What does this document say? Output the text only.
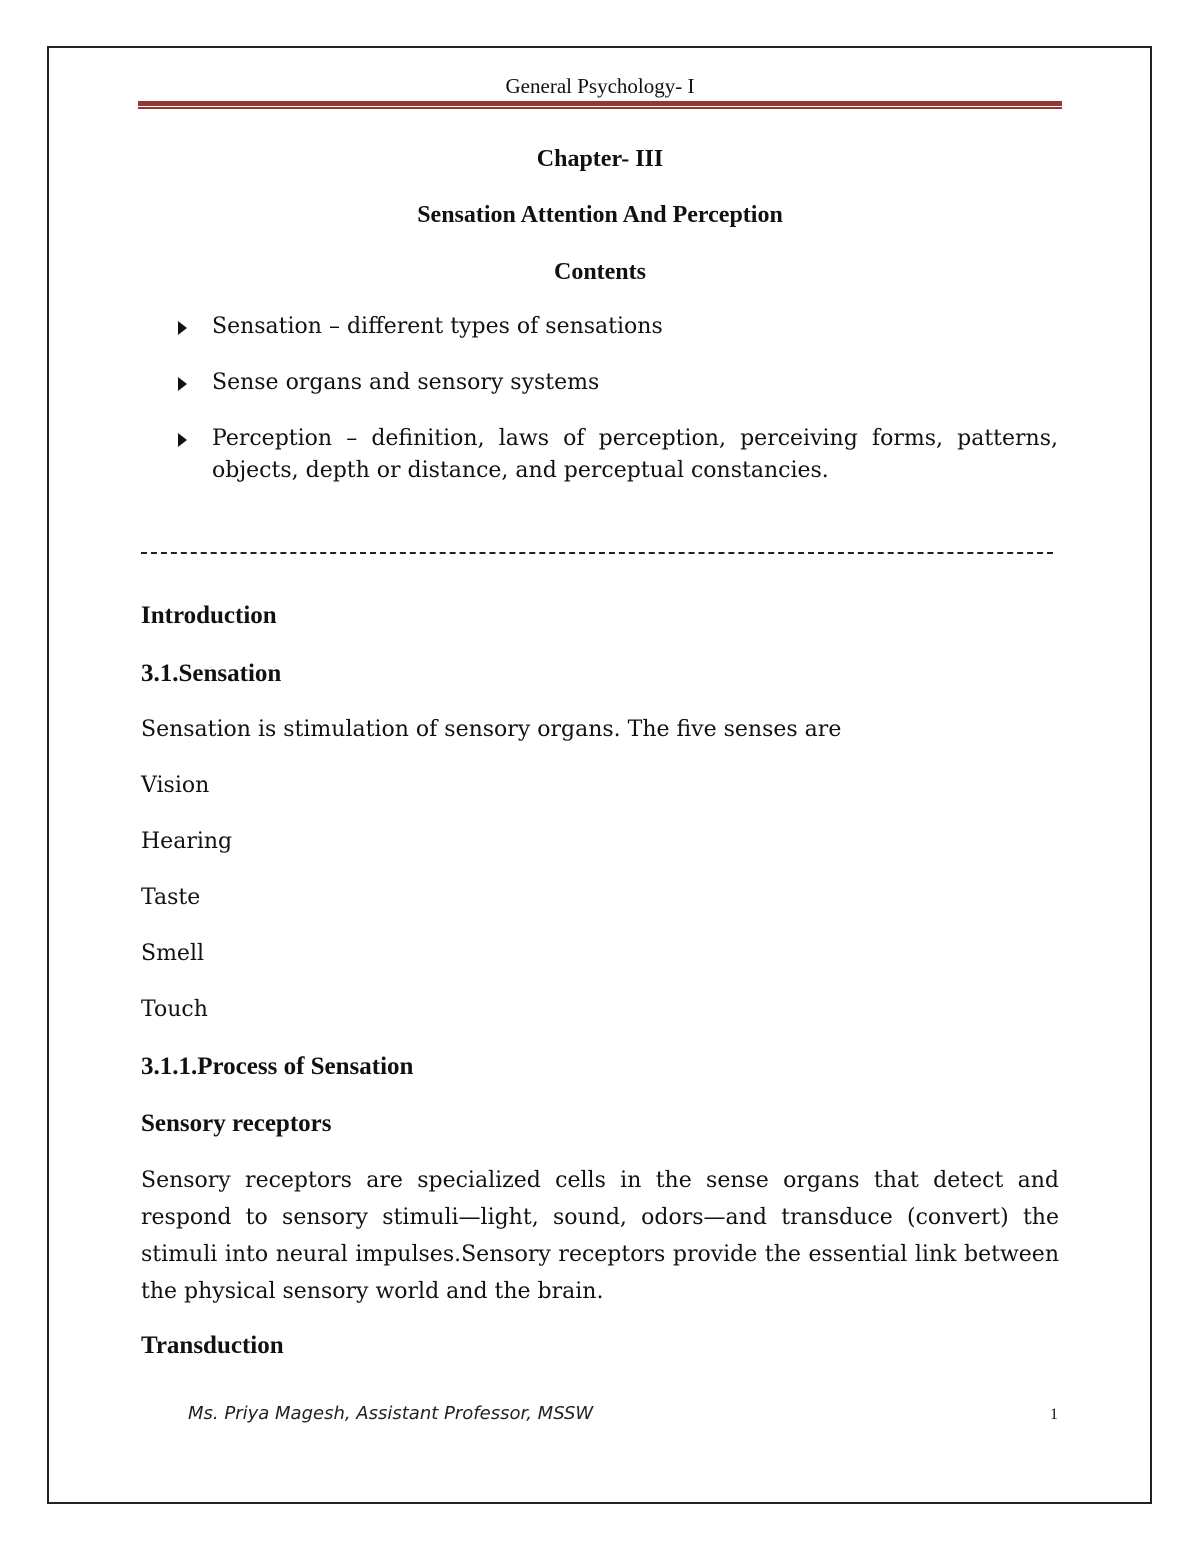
General Psychology- I
Chapter- III
Sensation Attention And Perception
Contents
Sensation – different types of sensations
Sense organs and sensory systems
Perception – definition, laws of perception, perceiving forms, patterns, objects, depth or distance, and perceptual constancies.
Introduction
3.1.Sensation
Sensation is stimulation of sensory organs. The five senses are
Vision
Hearing
Taste
Smell
Touch
3.1.1.Process of Sensation
Sensory receptors

Sensory receptors are specialized cells in the sense organs that detect and respond to sensory stimuli—light, sound, odors—and transduce (convert) the stimuli into neural impulses.Sensory receptors provide the essential link between the physical sensory world and the brain.

Transduction
Ms. Priya Magesh, Assistant Professor, MSSW	1
